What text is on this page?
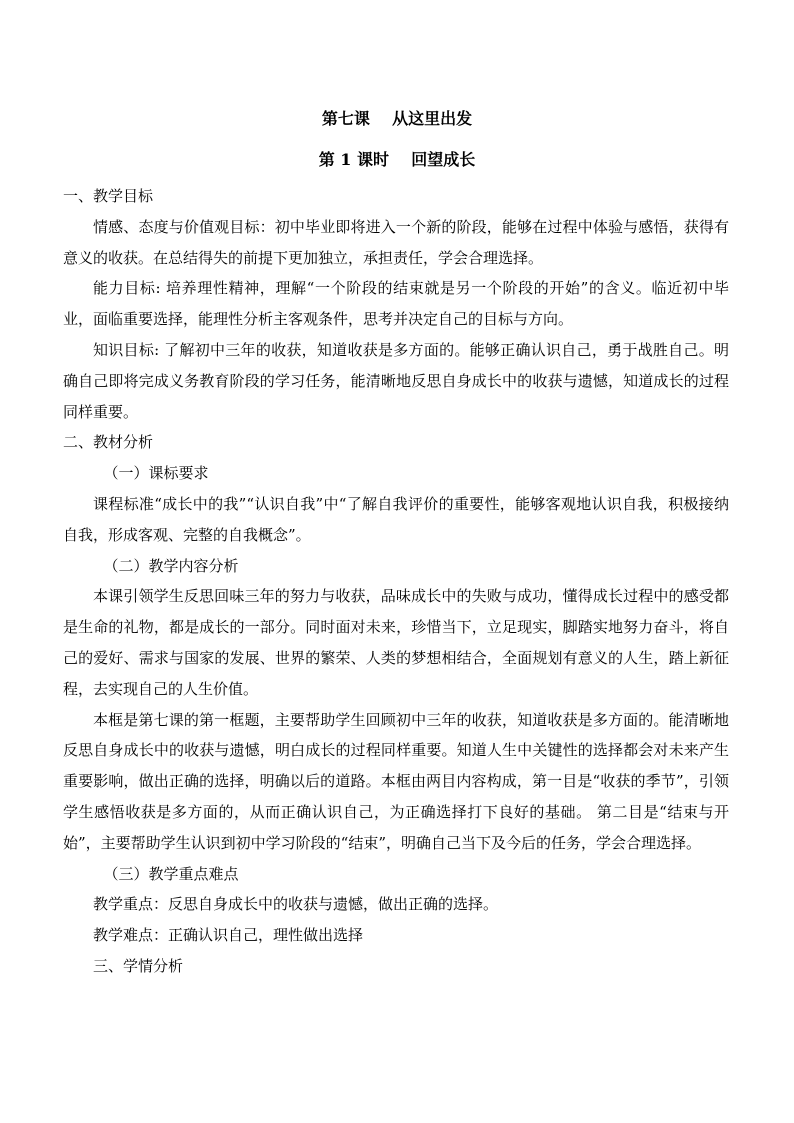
第七课    从这里出发
第 1 课时    回望成长

一、教学目标

情感、态度与价值观目标：初中毕业即将进入一个新的阶段，能够在过程中体验与感悟，获得有意义的收获。在总结得失的前提下更加独立，承担责任，学会合理选择。

能力目标: 培养理性精神，理解“一个阶段的结束就是另一个阶段的开始”的含义。临近初中毕业，面临重要选择，能理性分析主客观条件，思考并决定自己的目标与方向。

知识目标: 了解初中三年的收获，知道收获是多方面的。能够正确认识自己，勇于战胜自己。明确自己即将完成义务教育阶段的学习任务，能清晰地反思自身成长中的收获与遗憾，知道成长的过程同样重要。

二、教材分析

（一）课标要求

课程标准“成长中的我”“认识自我”中“了解自我评价的重要性，能够客观地认识自我，积极接纳自我，形成客观、完整的自我概念”。

（二）教学内容分析

本课引领学生反思回味三年的努力与收获，品味成长中的失败与成功，懂得成长过程中的感受都是生命的礼物，都是成长的一部分。同时面对未来，珍惜当下，立足现实，脚踏实地努力奋斗，将自己的爱好、需求与国家的发展、世界的繁荣、人类的梦想相结合，全面规划有意义的人生，踏上新征程，去实现自己的人生价值。

本框是第七课的第一框题，主要帮助学生回顾初中三年的收获，知道收获是多方面的。能清晰地反思自身成长中的收获与遗憾，明白成长的过程同样重要。知道人生中关键性的选择都会对未来产生重要影响，做出正确的选择，明确以后的道路。本框由两目内容构成，第一目是“收获的季节”，引领学生感悟收获是多方面的，从而正确认识自己，为正确选择打下良好的基础。 第二目是“结束与开始”，主要帮助学生认识到初中学习阶段的“结束”，明确自己当下及今后的任务，学会合理选择。

（三）教学重点难点

教学重点：反思自身成长中的收获与遗憾，做出正确的选择。

教学难点：正确认识自己，理性做出选择

三、学情分析
